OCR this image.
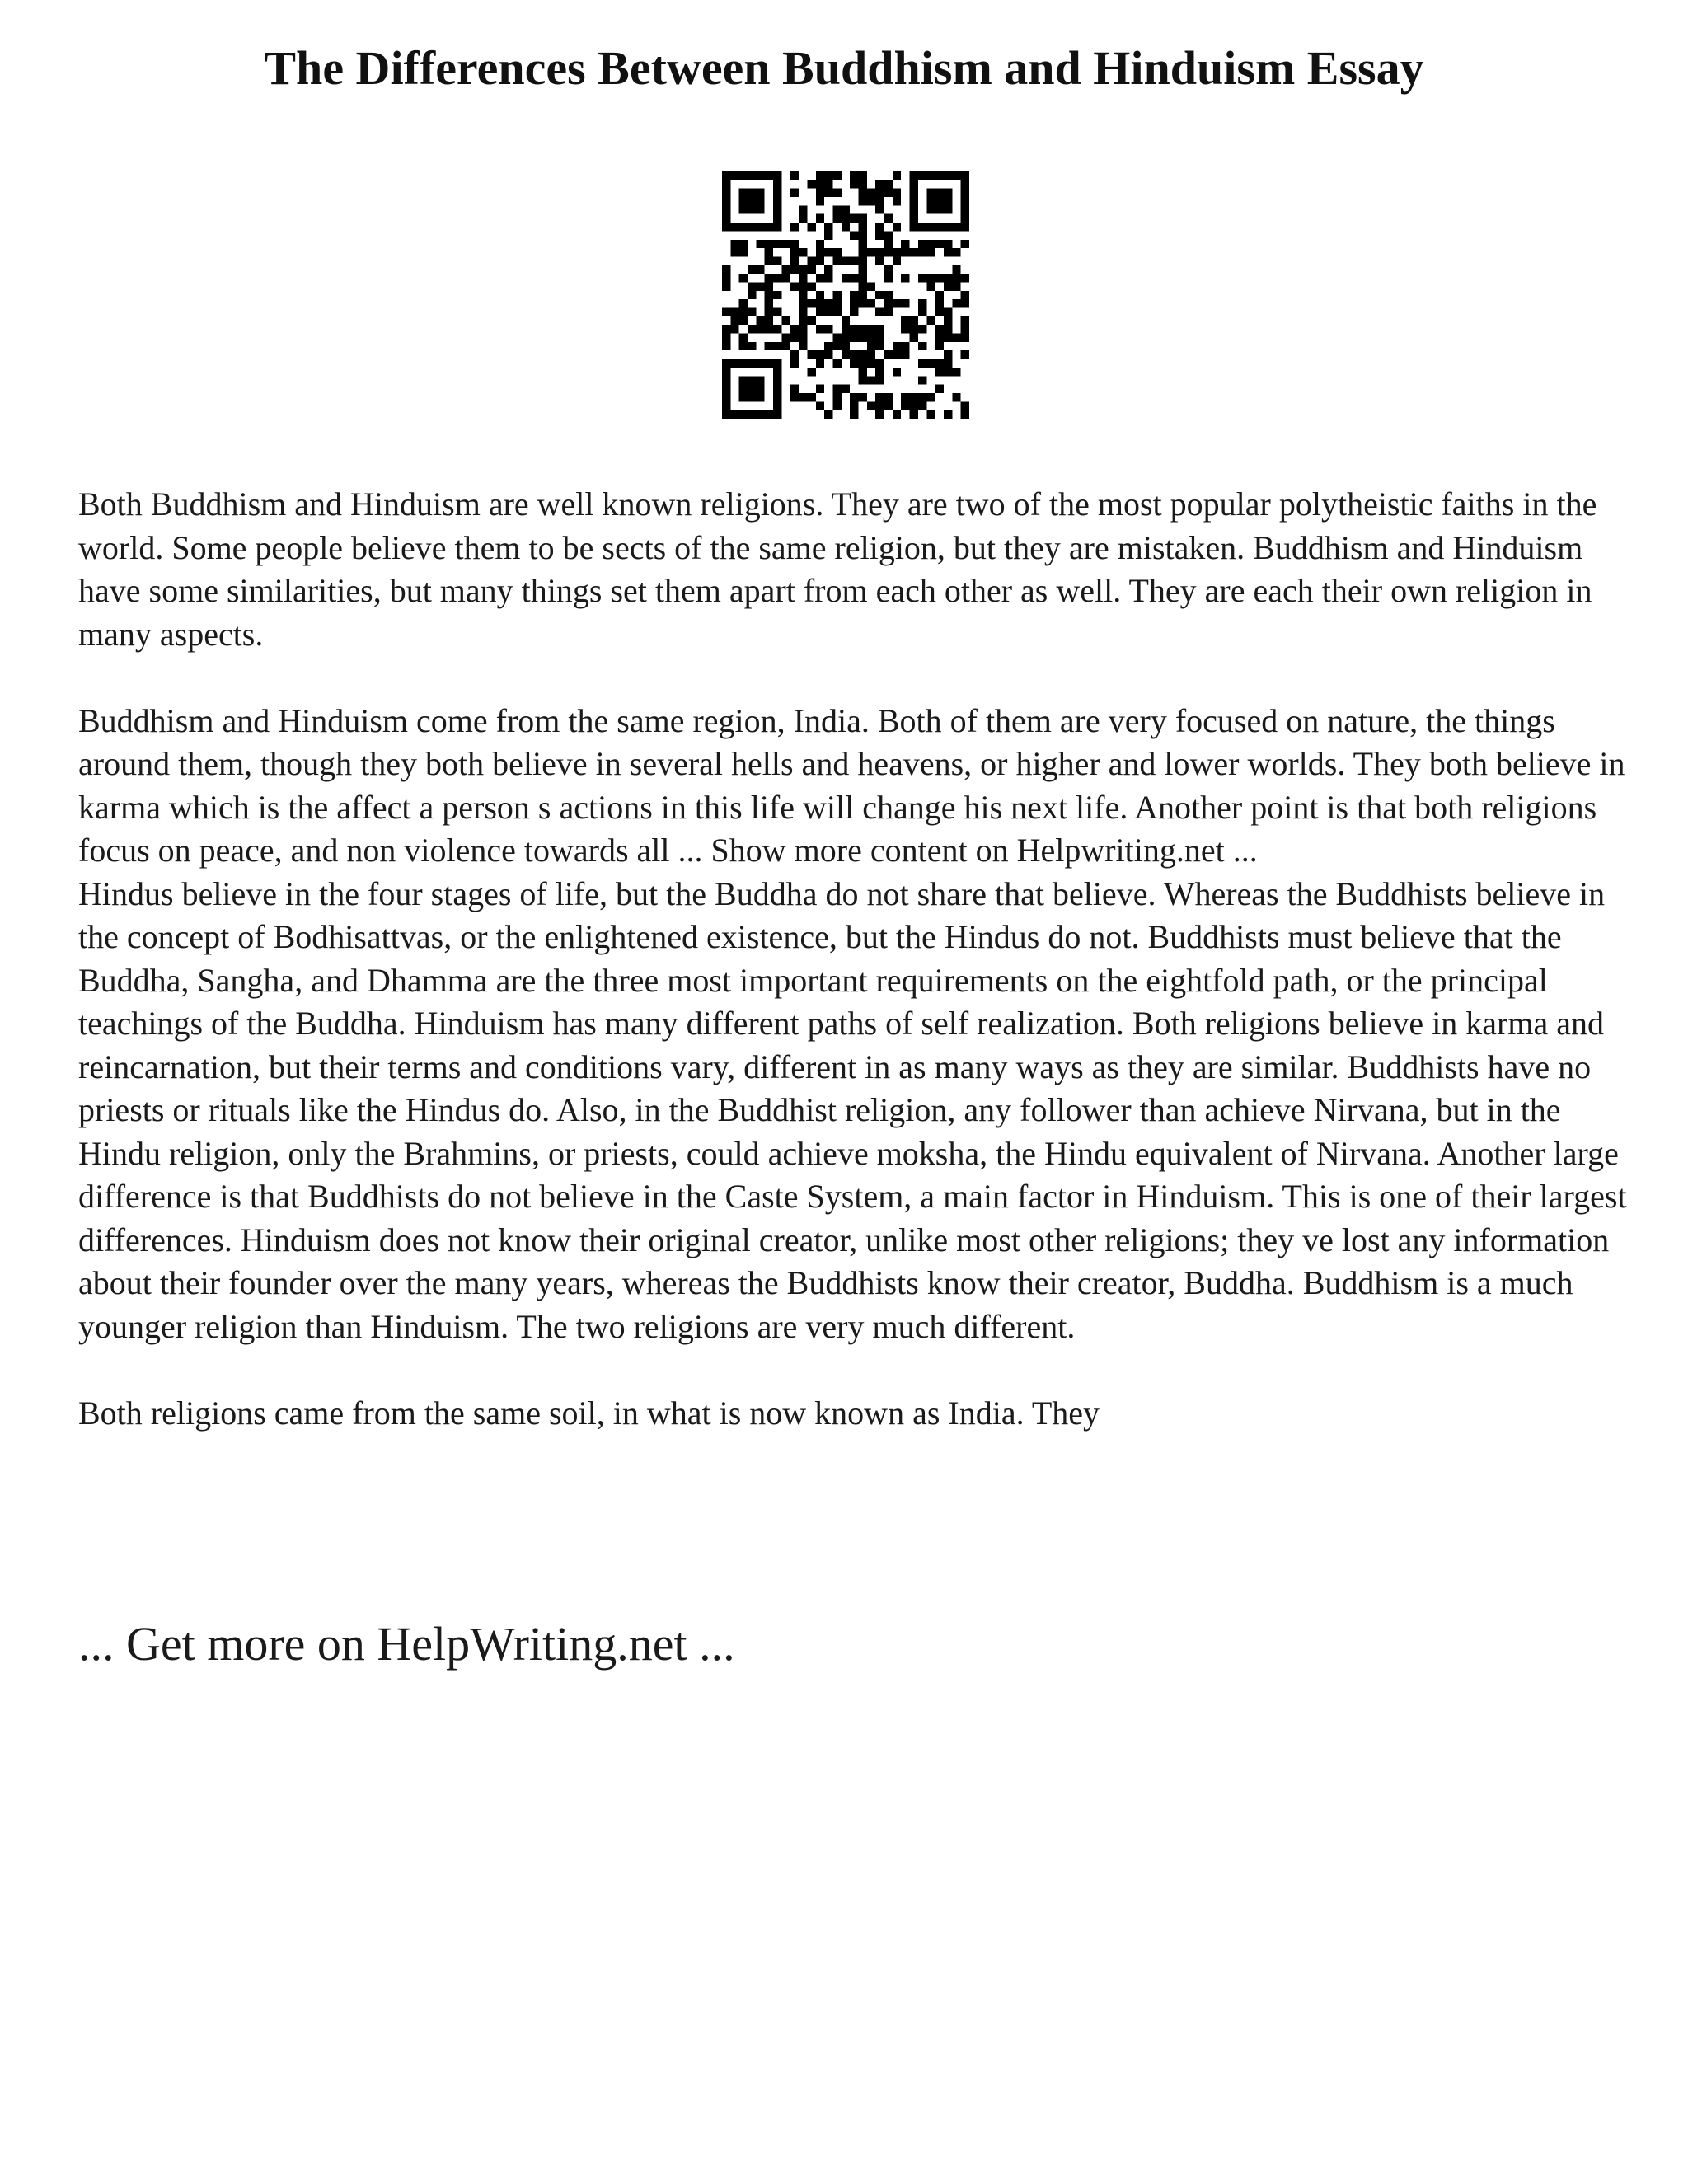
The Differences Between Buddhism and Hinduism Essay

Both Buddhism and Hinduism are well known religions. They are two of the most popular polytheistic faiths in the world. Some people believe them to be sects of the same religion, but they are mistaken. Buddhism and Hinduism have some similarities, but many things set them apart from each other as well. They are each their own religion in many aspects.

Buddhism and Hinduism come from the same region, India. Both of them are very focused on nature, the things around them, though they both believe in several hells and heavens, or higher and lower worlds. They both believe in karma which is the affect a person s actions in this life will change his next life. Another point is that both religions focus on peace, and non violence towards all ... Show more content on Helpwriting.net ...

Hindus believe in the four stages of life, but the Buddha do not share that believe. Whereas the Buddhists believe in the concept of Bodhisattvas, or the enlightened existence, but the Hindus do not. Buddhists must believe that the Buddha, Sangha, and Dhamma are the three most important requirements on the eightfold path, or the principal teachings of the Buddha. Hinduism has many different paths of self realization. Both religions believe in karma and reincarnation, but their terms and conditions vary, different in as many ways as they are similar. Buddhists have no priests or rituals like the Hindus do. Also, in the Buddhist religion, any follower than achieve Nirvana, but in the Hindu religion, only the Brahmins, or priests, could achieve moksha, the Hindu equivalent of Nirvana. Another large difference is that Buddhists do not believe in the Caste System, a main factor in Hinduism. This is one of their largest differences. Hinduism does not know their original creator, unlike most other religions; they ve lost any information about their founder over the many years, whereas the Buddhists know their creator, Buddha. Buddhism is a much younger religion than Hinduism. The two religions are very much different.

Both religions came from the same soil, in what is now known as India. They

... Get more on HelpWriting.net ...
